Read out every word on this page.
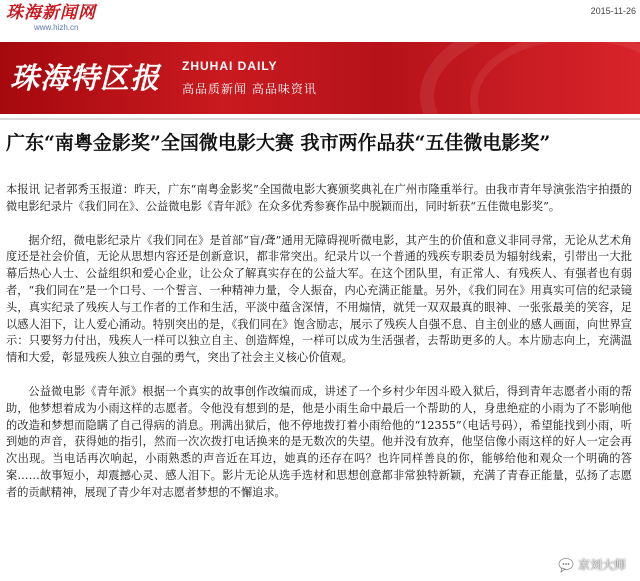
珠海新闻网
www.hizh.cn
2015-11-26
珠海特区报 ZHUHAI DAILY
高品质新闻 高品味资讯
广东“南粤金影奖”全国微电影大赛 我市两作品获“五佳微电影奖”

本报讯 记者郭秀玉报道：昨天，广东“南粤金影奖”全国微电影大赛颁奖典礼在广州市隆重举行。由我市青年导演张浩宇拍摄的微电影纪录片《我们同在》、公益微电影《青年派》在众多优秀参赛作品中脱颖而出，同时斩获“五佳微电影奖”。

据介绍，微电影纪录片《我们同在》是首部“盲/聋”通用无障碍视听微电影，其产生的价值和意义非同寻常，无论从艺术角度还是社会价值，无论从思想内容还是创新意识，都非常突出。纪录片以一个普通的残疾专职委员为辐射线索，引带出一大批幕后热心人士、公益组织和爱心企业，让公众了解真实存在的公益大军。在这个团队里，有正常人、有残疾人、有强者也有弱者，“我们同在”是一个口号、一个誓言、一种精神力量，令人振奋，内心充满正能量。另外，《我们同在》用真实可信的纪录镜头，真实纪录了残疾人与工作者的工作和生活，平淡中蕴含深情，不用煽情，就凭一双双最真的眼神、一张张最美的笑容，足以感人泪下，让人爱心涌动。特别突出的是，《我们同在》饱含励志，展示了残疾人自强不息、自主创业的感人画面，向世界宣示：只要努力付出，残疾人一样可以独立自主、创造辉煌，一样可以成为生活强者，去帮助更多的人。本片励志向上，充满温情和大爱，彰显残疾人独立自强的勇气，突出了社会主义核心价值观。

公益微电影《青年派》根据一个真实的故事创作改编而成，讲述了一个乡村少年因斗殴入狱后，得到青年志愿者小雨的帮助，他梦想着成为小雨这样的志愿者。令他没有想到的是，他是小雨生命中最后一个帮助的人，身患绝症的小雨为了不影响他的改造和梦想而隐瞒了自己得病的消息。刑满出狱后，他不停地拨打着小雨给他的“12355”（电话号码），希望能找到小雨，听到她的声音，获得她的指引，然而一次次拨打电话换来的是无数次的失望。他并没有放弃，他坚信像小雨这样的好人一定会再次出现。当电话再次响起，小雨熟悉的声音近在耳边，她真的还存在吗？也许同样善良的你，能够给他和观众一个明确的答案……故事短小，却震撼心灵、感人泪下。影片无论从选手选材和思想创意都非常独特新颖，充满了青春正能量，弘扬了志愿者的贡献精神，展现了青少年对志愿者梦想的不懈追求。

京刘大师
